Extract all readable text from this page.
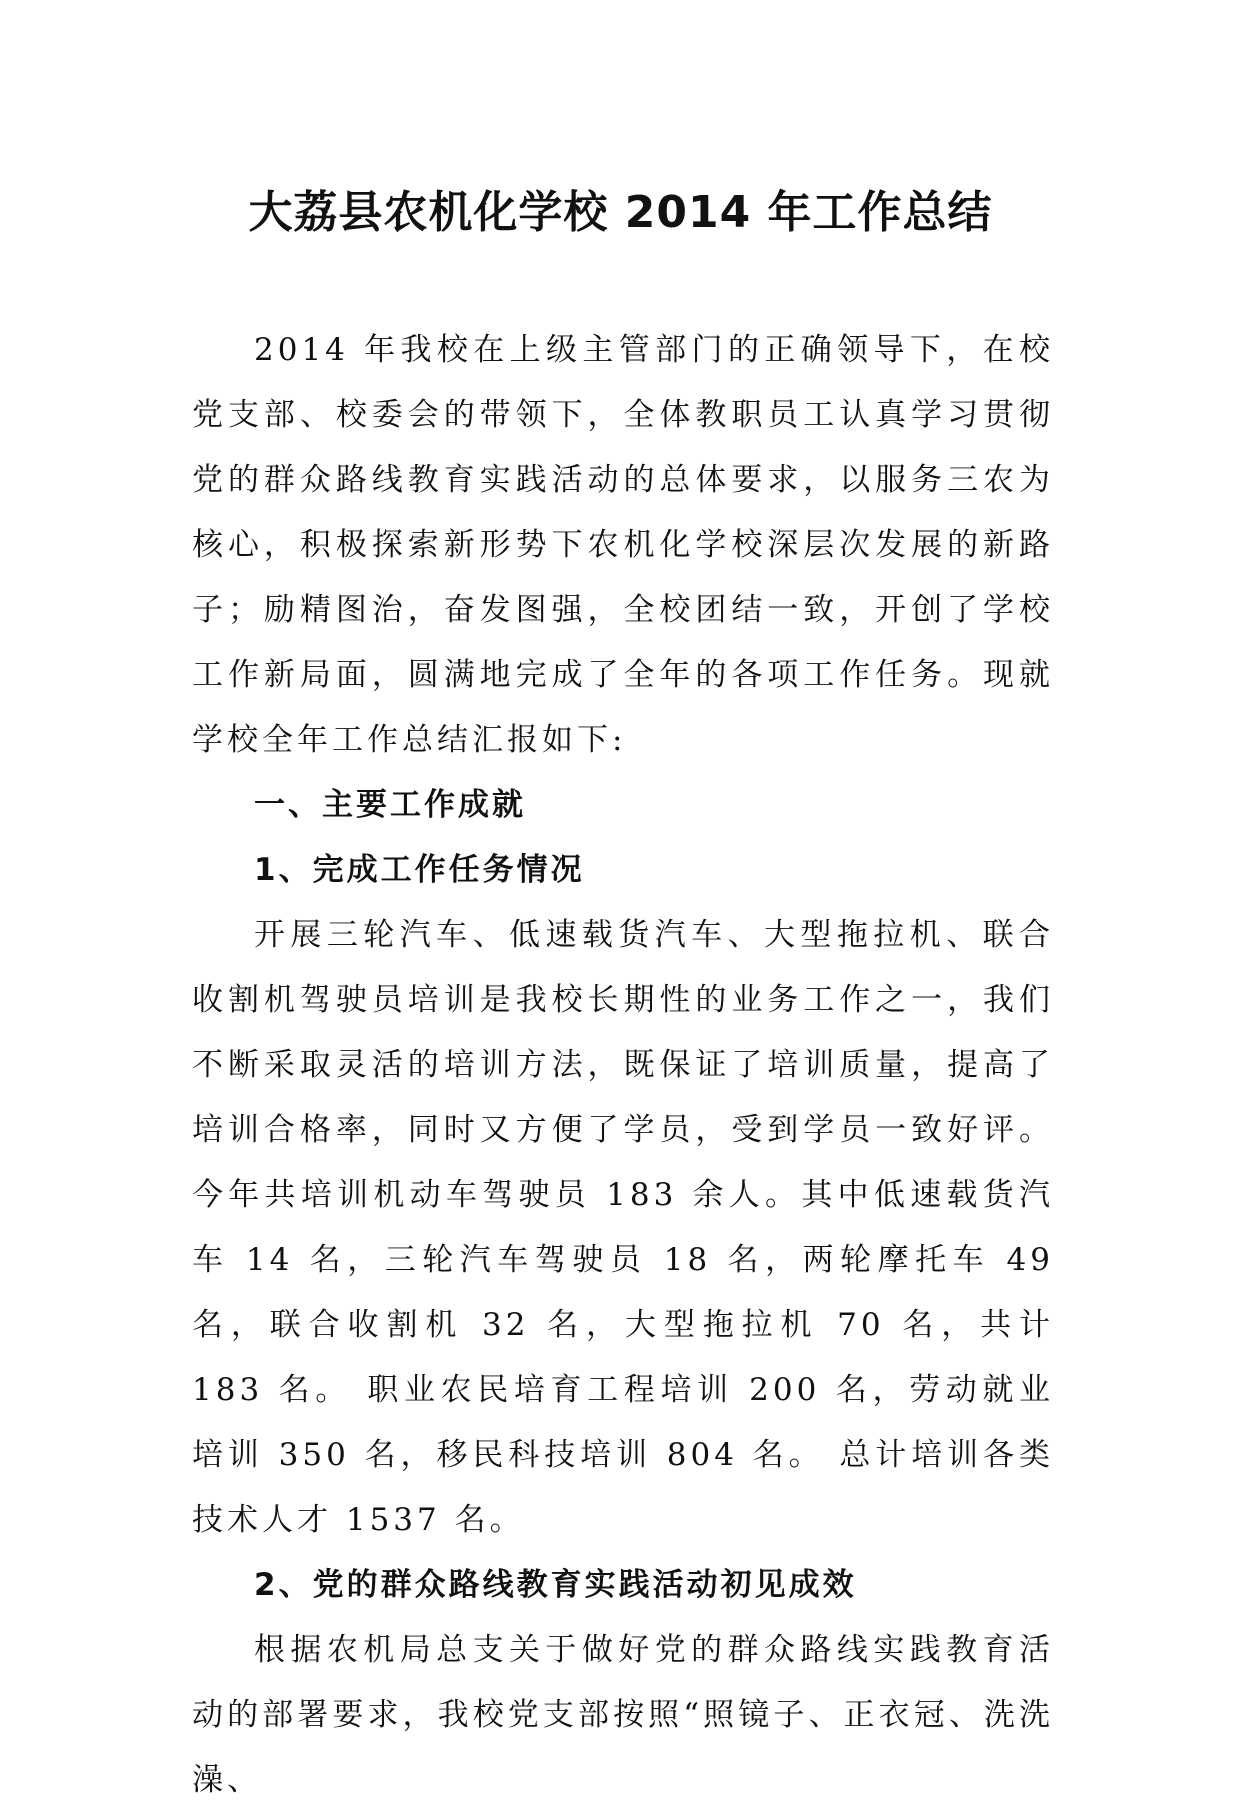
大荔县农机化学校 2014 年工作总结

2014 年我校在上级主管部门的正确领导下，在校党支部、校委会的带领下，全体教职员工认真学习贯彻党的群众路线教育实践活动的总体要求，以服务三农为核心，积极探索新形势下农机化学校深层次发展的新路子；励精图治，奋发图强，全校团结一致，开创了学校工作新局面，圆满地完成了全年的各项工作任务。现就学校全年工作总结汇报如下:

一、主要工作成就
1、完成工作任务情况

开展三轮汽车、低速载货汽车、大型拖拉机、联合收割机驾驶员培训是我校长期性的业务工作之一，我们不断采取灵活的培训方法，既保证了培训质量，提高了培训合格率，同时又方便了学员，受到学员一致好评。今年共培训机动车驾驶员 183 余人。其中低速载货汽车 14 名，三轮汽车驾驶员 18 名，两轮摩托车 49 名，联合收割机 32 名，大型拖拉机 70 名，共计 183 名。 职业农民培育工程培训 200 名，劳动就业培训 350 名，移民科技培训 804 名。 总计培训各类技术人才 1537 名。

2、党的群众路线教育实践活动初见成效

根据农机局总支关于做好党的群众路线实践教育活动的部署要求，我校党支部按照“照镜子、正衣冠、洗洗澡、
